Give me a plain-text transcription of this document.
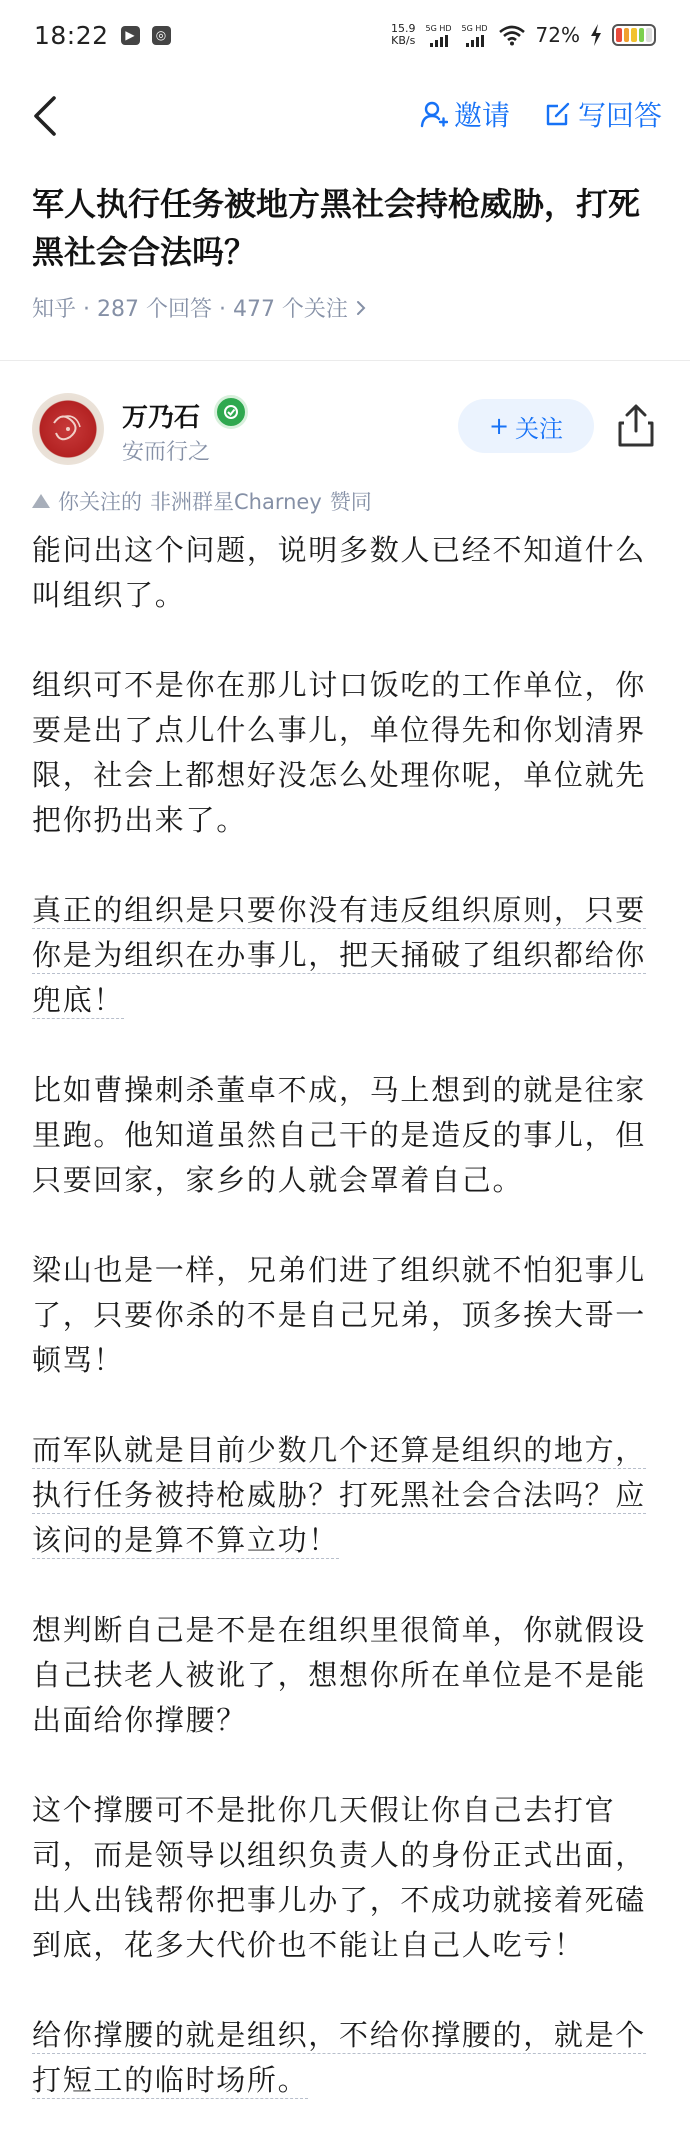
18:22	▶	◎	15.9
KB/s
5G HD 5G HD 72%
邀请 写回答
军人执行任务被地方黑社会持枪威胁，打死黑社会合法吗？
知乎 · 287 个回答 · 477 个关注
万乃石
安而行之
+ 关注
你关注的 非洲群星Charney 赞同

能问出这个问题，说明多数人已经不知道什么叫组织了。

组织可不是你在那儿讨口饭吃的工作单位，你要是出了点儿什么事儿，单位得先和你划清界限，社会上都想好没怎么处理你呢，单位就先把你扔出来了。

真正的组织是只要你没有违反组织原则，只要你是为组织在办事儿，把天捅破了组织都给你兜底！

比如曹操刺杀董卓不成，马上想到的就是往家里跑。他知道虽然自己干的是造反的事儿，但只要回家，家乡的人就会罩着自己。

梁山也是一样，兄弟们进了组织就不怕犯事儿了，只要你杀的不是自己兄弟，顶多挨大哥一顿骂！

而军队就是目前少数几个还算是组织的地方，执行任务被持枪威胁？打死黑社会合法吗？应该问的是算不算立功！

想判断自己是不是在组织里很简单，你就假设自己扶老人被讹了，想想你所在单位是不是能出面给你撑腰？

这个撑腰可不是批你几天假让你自己去打官司，而是领导以组织负责人的身份正式出面，出人出钱帮你把事儿办了，不成功就接着死磕到底，花多大代价也不能让自己人吃亏！

给你撑腰的就是组织，不给你撑腰的，就是个打短工的临时场所。
